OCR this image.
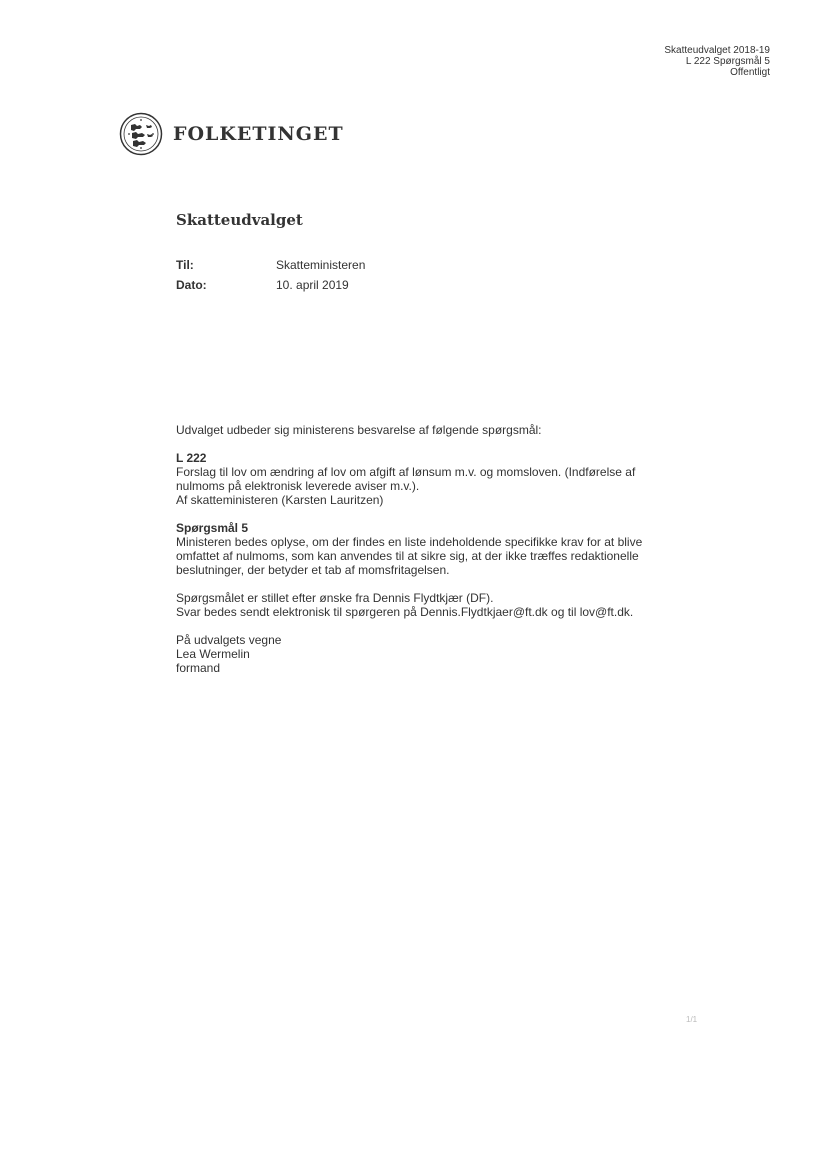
Skatteudvalget 2018-19
L 222 Spørgsmål 5
Offentligt
FOLKETINGET
Skatteudvalget
Til:	Skatteministeren
Dato:	10. april 2019

Udvalget udbeder sig ministerens besvarelse af følgende spørgsmål:

L 222

Forslag til lov om ændring af lov om afgift af lønsum m.v. og momsloven. (Indførelse af

nulmoms på elektronisk leverede aviser m.v.).

Af skatteministeren (Karsten Lauritzen)

Spørgsmål 5

Ministeren bedes oplyse, om der findes en liste indeholdende specifikke krav for at blive

omfattet af nulmoms, som kan anvendes til at sikre sig, at der ikke træffes redaktionelle

beslutninger, der betyder et tab af momsfritagelsen.

Spørgsmålet er stillet efter ønske fra Dennis Flydtkjær (DF).

Svar bedes sendt elektronisk til spørgeren på Dennis.Flydtkjaer@ft.dk og til lov@ft.dk.

På udvalgets vegne

Lea Wermelin

formand

1/1
